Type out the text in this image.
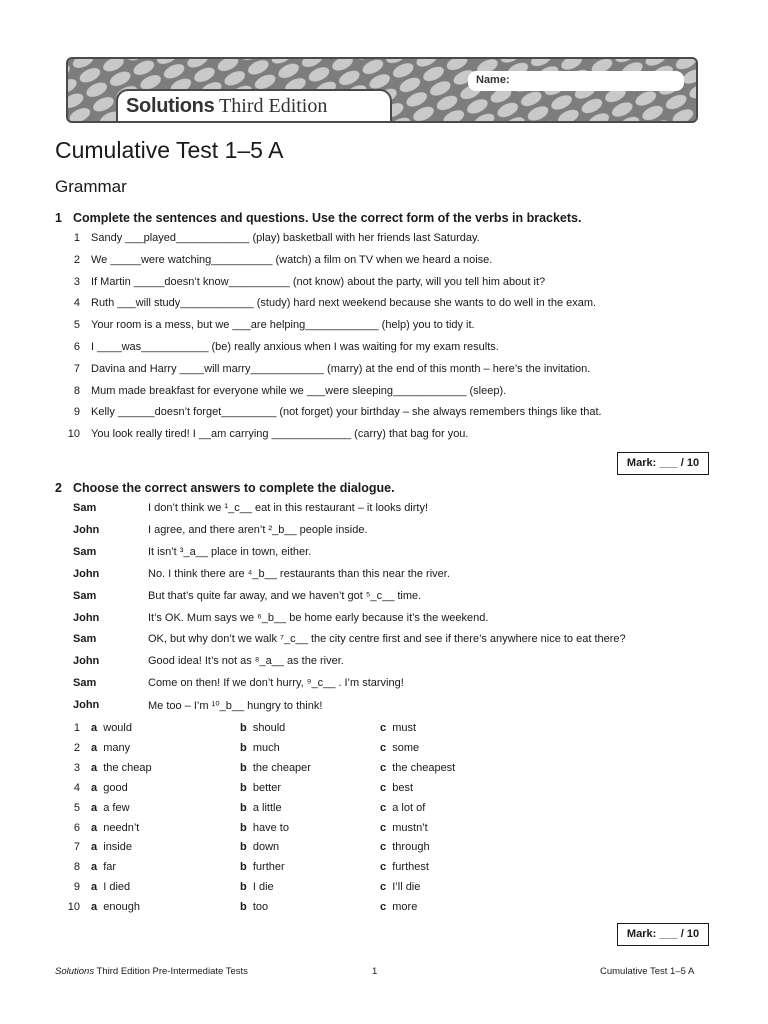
Name:
Solutions Third Edition
Cumulative Test 1–5 A
Grammar
1 Complete the sentences and questions. Use the correct form of the verbs in brackets.
1 Sandy ___played____________ (play) basketball with her friends last Saturday.
2 We _____were watching__________ (watch) a film on TV when we heard a noise.
3 If Martin _____doesn’t know__________ (not know) about the party, will you tell him about it?
4 Ruth ___will study____________ (study) hard next weekend because she wants to do well in the exam.
5 Your room is a mess, but we ___are helping____________ (help) you to tidy it.
6 I ____was___________ (be) really anxious when I was waiting for my exam results.
7 Davina and Harry ____will marry____________ (marry) at the end of this month – here’s the invitation.
8 Mum made breakfast for everyone while we ___were sleeping____________ (sleep).
9 Kelly ______doesn’t forget_________ (not forget) your birthday – she always remembers things like that.
10 You look really tired! I __am carrying _____________ (carry) that bag for you.
Mark: ___ / 10
2 Choose the correct answers to complete the dialogue.
Sam	I don’t think we ¹_c__ eat in this restaurant – it looks dirty!
John	I agree, and there aren’t ²_b__ people inside.
Sam	It isn’t ³_a__ place in town, either.
John	No. I think there are ⁴_b__ restaurants than this near the river.
Sam	But that’s quite far away, and we haven’t got ⁵_c__ time.
John	It’s OK. Mum says we ⁶_b__ be home early because it’s the weekend.
Sam	OK, but why don’t we walk ⁷_c__ the city centre first and see if there’s anywhere nice to eat there?
John	Good idea! It’s not as ⁸_a__ as the river.
Sam	Come on then! If we don’t hurry, ⁹_c__ . I’m starving!
John	Me too – I’m ¹⁰_b__ hungry to think!
1 a would	b should	c must
2 a many	b much	c some
3 a the cheap	b the cheaper	c the cheapest
4 a good	b better	c best
5 a a few	b a little	c a lot of
6 a needn’t	b have to	c mustn’t
7 a inside	b down	c through
8 a far	b further	c furthest
9 a I died	b I die	c I’ll die
10 a enough	b too	c more
Mark: ___ / 10
Solutions Third Edition Pre-Intermediate Tests	1	Cumulative Test 1–5 A
